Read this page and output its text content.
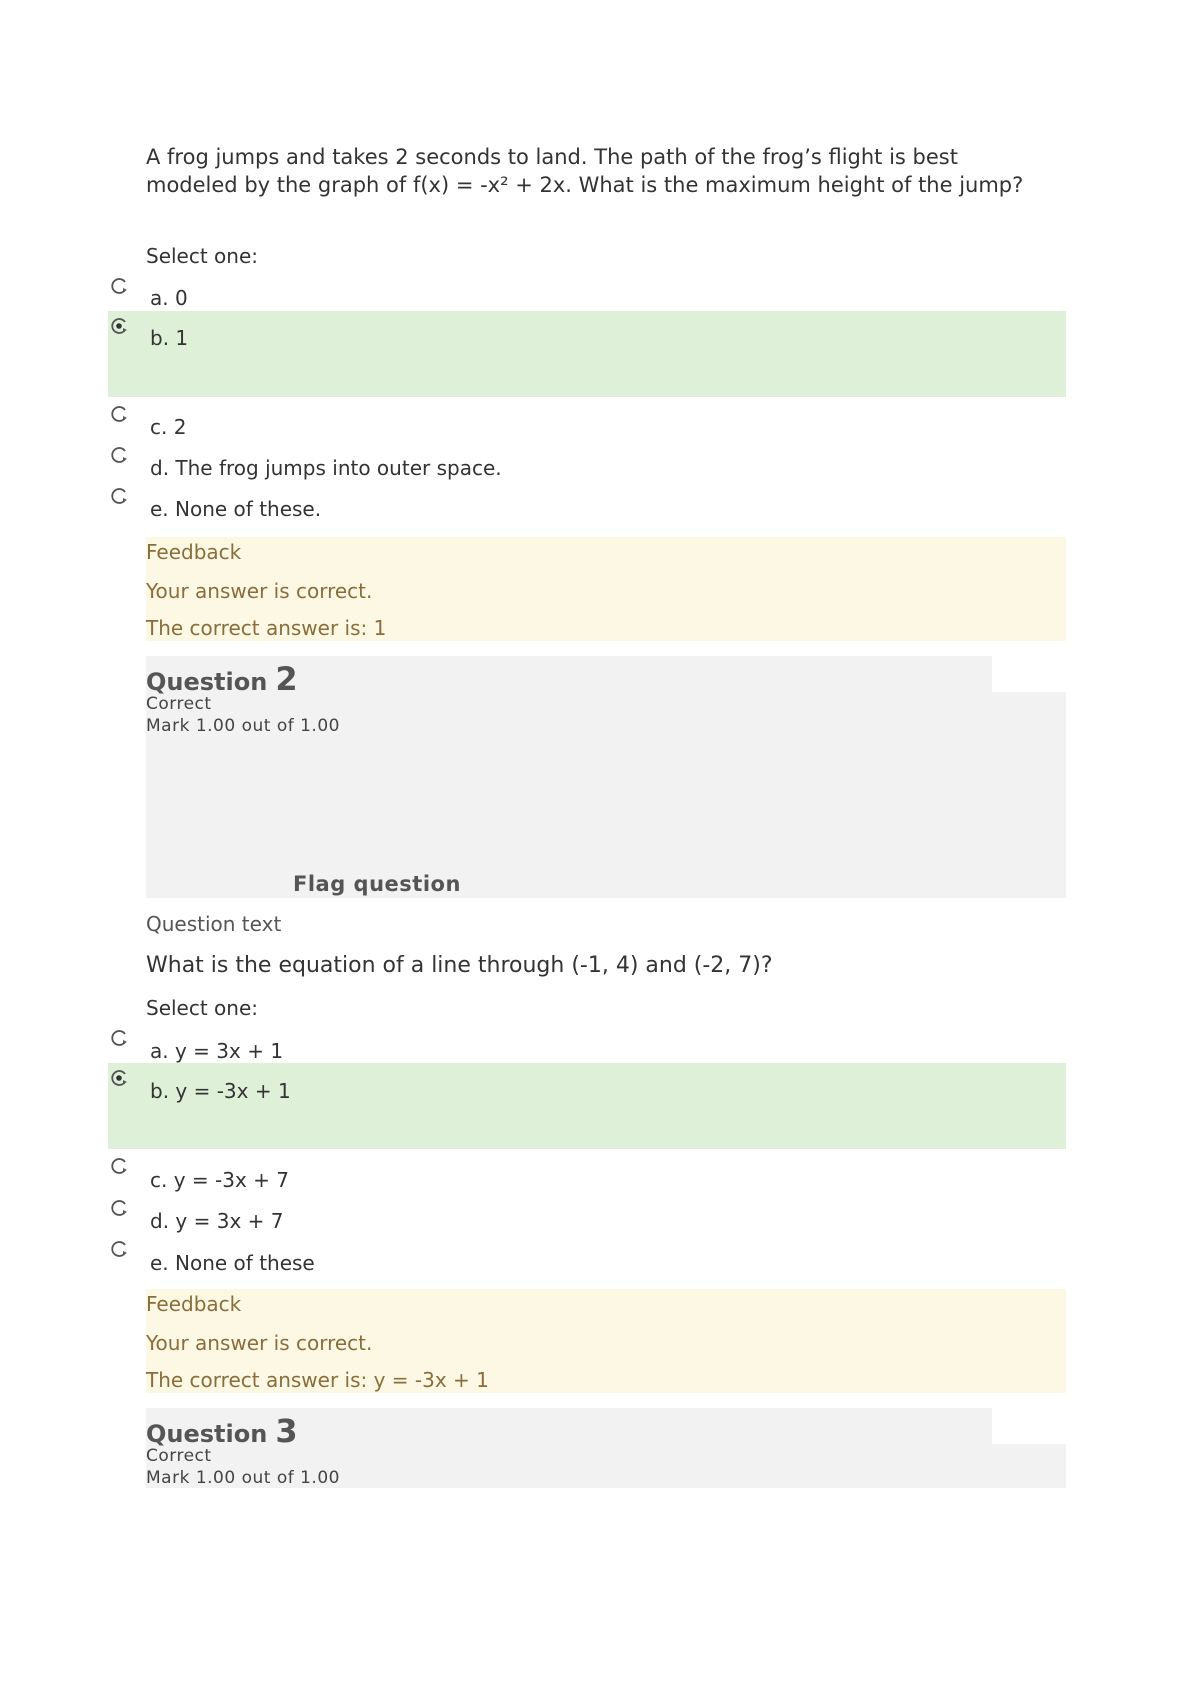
A frog jumps and takes 2 seconds to land. The path of the frog’s flight is best modeled by the graph of f(x) = -x² + 2x. What is the maximum height of the jump?
Select one:
a. 0
b. 1
c. 2
d. The frog jumps into outer space.
e. None of these.
Feedback
Your answer is correct.
The correct answer is: 1
Question 2
Correct
Mark 1.00 out of 1.00
Flag question
Question text
What is the equation of a line through (-1, 4) and (-2, 7)?
Select one:
a. y = 3x + 1
b. y = -3x + 1
c. y = -3x + 7
d. y = 3x + 7
e. None of these
Feedback
Your answer is correct.
The correct answer is: y = -3x + 1
Question 3
Correct
Mark 1.00 out of 1.00
